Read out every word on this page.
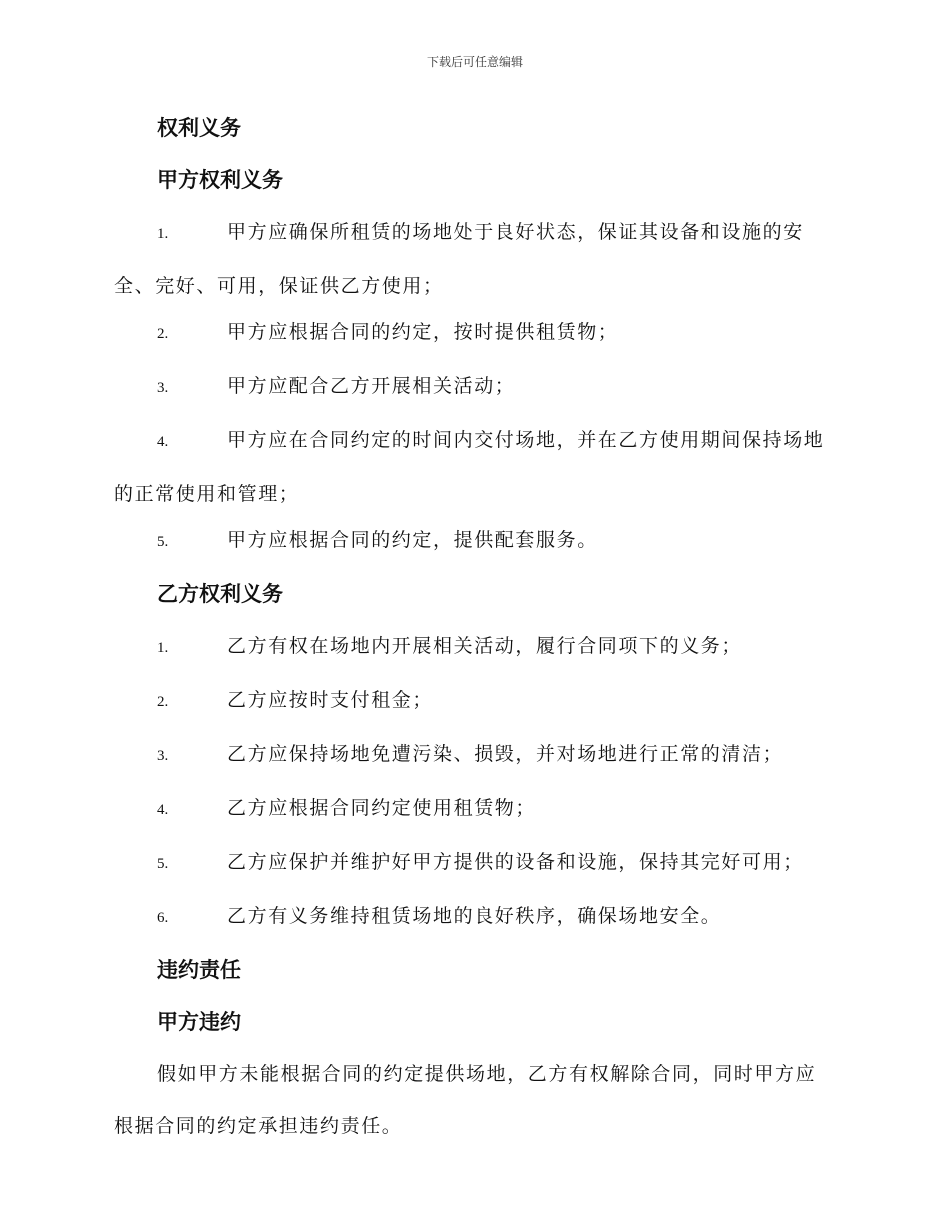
下载后可任意编辑
权利义务
甲方权利义务
1.	甲方应确保所租赁的场地处于良好状态，保证其设备和设施的安全、完好、可用，保证供乙方使用；
2.	甲方应根据合同的约定，按时提供租赁物；
3.	甲方应配合乙方开展相关活动；
4.	甲方应在合同约定的时间内交付场地，并在乙方使用期间保持场地的正常使用和管理；
5.	甲方应根据合同的约定，提供配套服务。
乙方权利义务
1.	乙方有权在场地内开展相关活动，履行合同项下的义务；
2.	乙方应按时支付租金；
3.	乙方应保持场地免遭污染、损毁，并对场地进行正常的清洁；
4.	乙方应根据合同约定使用租赁物；
5.	乙方应保护并维护好甲方提供的设备和设施，保持其完好可用；
6.	乙方有义务维持租赁场地的良好秩序，确保场地安全。
违约责任
甲方违约
假如甲方未能根据合同的约定提供场地，乙方有权解除合同，同时甲方应根据合同的约定承担违约责任。
